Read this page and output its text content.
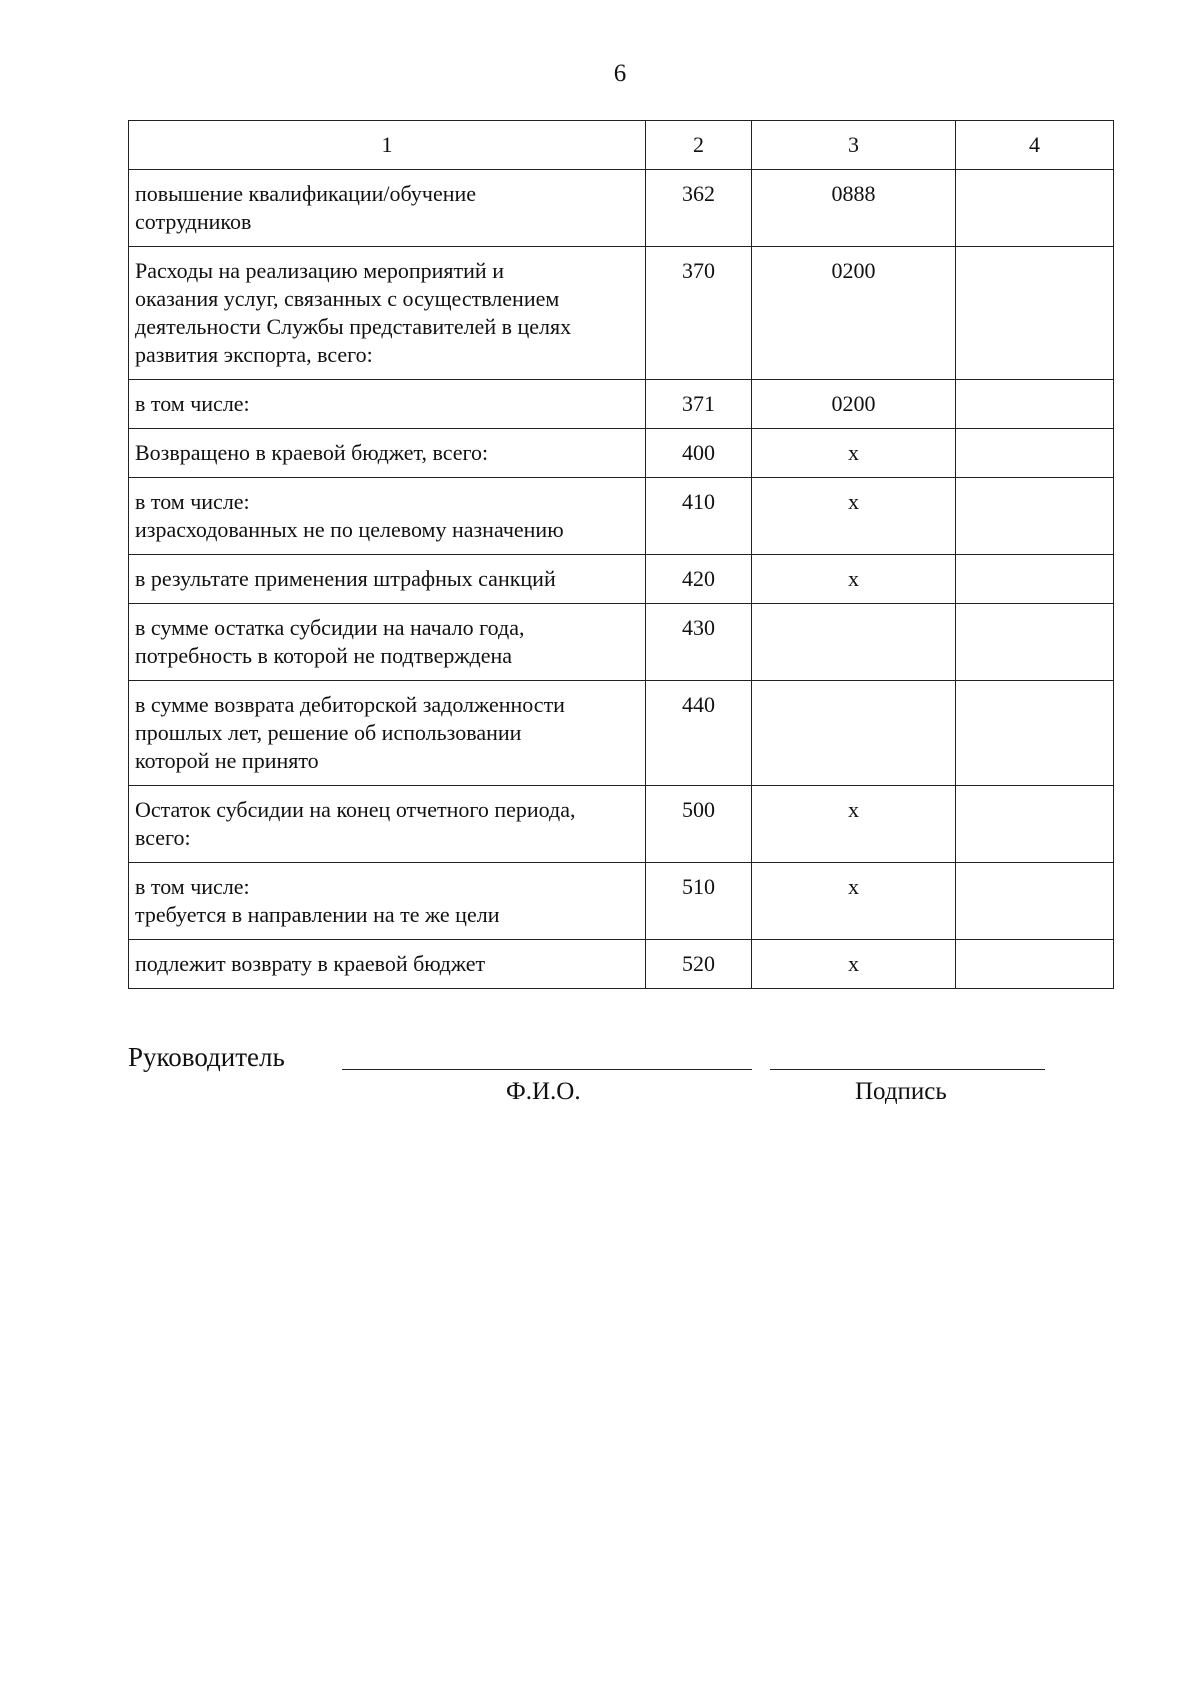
6
1	2	3	4
повышение квалификации/обучение
сотрудников	362	0888	
Расходы на реализацию мероприятий и
оказания услуг, связанных с осуществлением
деятельности Службы представителей в целях
развития экспорта, всего:	370	0200	
в том числе:	371	0200	
Возвращено в краевой бюджет, всего:	400	х	
в том числе:
израсходованных не по целевому назначению	410	х	
в результате применения штрафных санкций	420	х	
в сумме остатка субсидии на начало года,
потребность в которой не подтверждена	430		
в сумме возврата дебиторской задолженности
прошлых лет, решение об использовании
которой не принято	440		
Остаток субсидии на конец отчетного периода,
всего:	500	х	
в том числе:
требуется в направлении на те же цели	510	х	
подлежит возврату в краевой бюджет	520	х	
Руководитель
Ф.И.О.	Подпись
